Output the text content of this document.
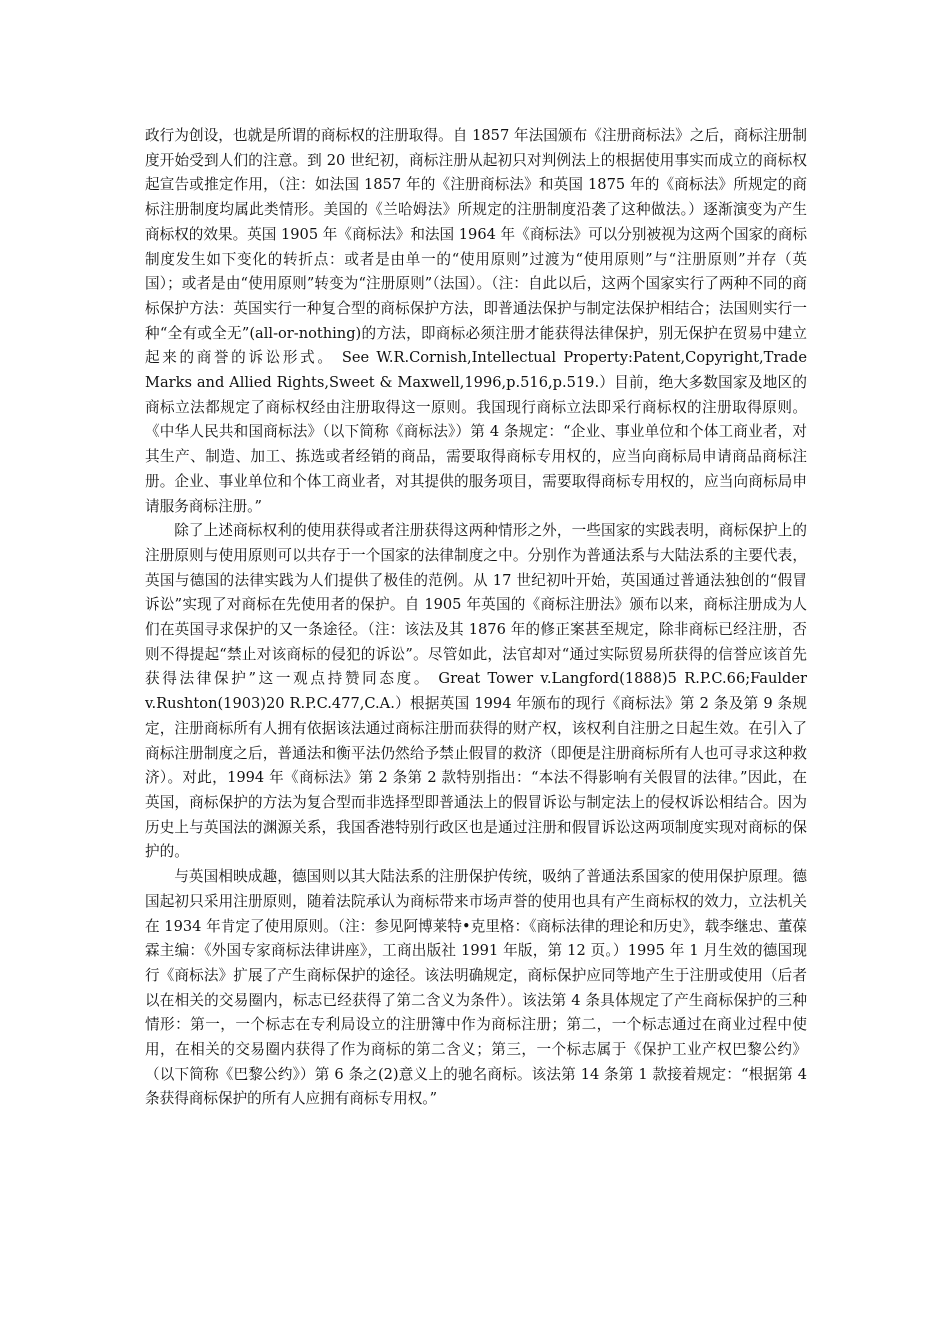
政行为创设，也就是所谓的商标权的注册取得。自 1857 年法国颁布《注册商标法》之后，商标注册制度开始受到人们的注意。到 20 世纪初，商标注册从起初只对判例法上的根据使用事实而成立的商标权起宣告或推定作用，（注：如法国 1857 年的《注册商标法》和英国 1875 年的《商标法》所规定的商标注册制度均属此类情形。美国的《兰哈姆法》所规定的注册制度沿袭了这种做法。）逐渐演变为产生商标权的效果。英国 1905 年《商标法》和法国 1964 年《商标法》可以分别被视为这两个国家的商标制度发生如下变化的转折点：或者是由单一的“使用原则”过渡为“使用原则”与“注册原则”并存（英国）；或者是由“使用原则”转变为“注册原则”（法国）。（注：自此以后，这两个国家实行了两种不同的商标保护方法：英国实行一种复合型的商标保护方法，即普通法保护与制定法保护相结合；法国则实行一种“全有或全无”(all-or-nothing)的方法，即商标必须注册才能获得法律保护，别无保护在贸易中建立起来的商誉的诉讼形式。 See W.R.Cornish,Intellectual Property:Patent,Copyright,Trade Marks and Allied Rights,Sweet & Maxwell,1996,p.516,p.519.）目前，绝大多数国家及地区的商标立法都规定了商标权经由注册取得这一原则。我国现行商标立法即采行商标权的注册取得原则。《中华人民共和国商标法》（以下简称《商标法》）第 4 条规定：“企业、事业单位和个体工商业者，对其生产、制造、加工、拣选或者经销的商品，需要取得商标专用权的，应当向商标局申请商品商标注册。企业、事业单位和个体工商业者，对其提供的服务项目，需要取得商标专用权的，应当向商标局申请服务商标注册。”

除了上述商标权利的使用获得或者注册获得这两种情形之外，一些国家的实践表明，商标保护上的注册原则与使用原则可以共存于一个国家的法律制度之中。分别作为普通法系与大陆法系的主要代表，英国与德国的法律实践为人们提供了极佳的范例。从 17 世纪初叶开始，英国通过普通法独创的“假冒诉讼”实现了对商标在先使用者的保护。自 1905 年英国的《商标注册法》颁布以来，商标注册成为人们在英国寻求保护的又一条途径。（注：该法及其 1876 年的修正案甚至规定，除非商标已经注册，否则不得提起“禁止对该商标的侵犯的诉讼”。尽管如此，法官却对“通过实际贸易所获得的信誉应该首先获得法律保护”这一观点持赞同态度。 Great Tower v.Langford(1888)5 R.P.C.66;Faulder v.Rushton(1903)20 R.P.C.477,C.A.）根据英国 1994 年颁布的现行《商标法》第 2 条及第 9 条规定，注册商标所有人拥有依据该法通过商标注册而获得的财产权，该权利自注册之日起生效。在引入了商标注册制度之后，普通法和衡平法仍然给予禁止假冒的救济（即便是注册商标所有人也可寻求这种救济）。对此，1994 年《商标法》第 2 条第 2 款特别指出：“本法不得影响有关假冒的法律。”因此，在英国，商标保护的方法为复合型而非选择型即普通法上的假冒诉讼与制定法上的侵权诉讼相结合。因为历史上与英国法的渊源关系，我国香港特别行政区也是通过注册和假冒诉讼这两项制度实现对商标的保护的。

与英国相映成趣，德国则以其大陆法系的注册保护传统，吸纳了普通法系国家的使用保护原理。德国起初只采用注册原则，随着法院承认为商标带来市场声誉的使用也具有产生商标权的效力，立法机关在 1934 年肯定了使用原则。（注：参见阿博莱特•克里格：《商标法律的理论和历史》，载李继忠、董葆霖主编：《外国专家商标法律讲座》，工商出版社 1991 年版，第 12 页。）1995 年 1 月生效的德国现行《商标法》扩展了产生商标保护的途径。该法明确规定，商标保护应同等地产生于注册或使用（后者以在相关的交易圈内，标志已经获得了第二含义为条件）。该法第 4 条具体规定了产生商标保护的三种情形：第一，一个标志在专利局设立的注册簿中作为商标注册；第二，一个标志通过在商业过程中使用，在相关的交易圈内获得了作为商标的第二含义；第三，一个标志属于《保护工业产权巴黎公约》（以下简称《巴黎公约》）第 6 条之(2)意义上的驰名商标。该法第 14 条第 1 款接着规定：“根据第 4 条获得商标保护的所有人应拥有商标专用权。”
